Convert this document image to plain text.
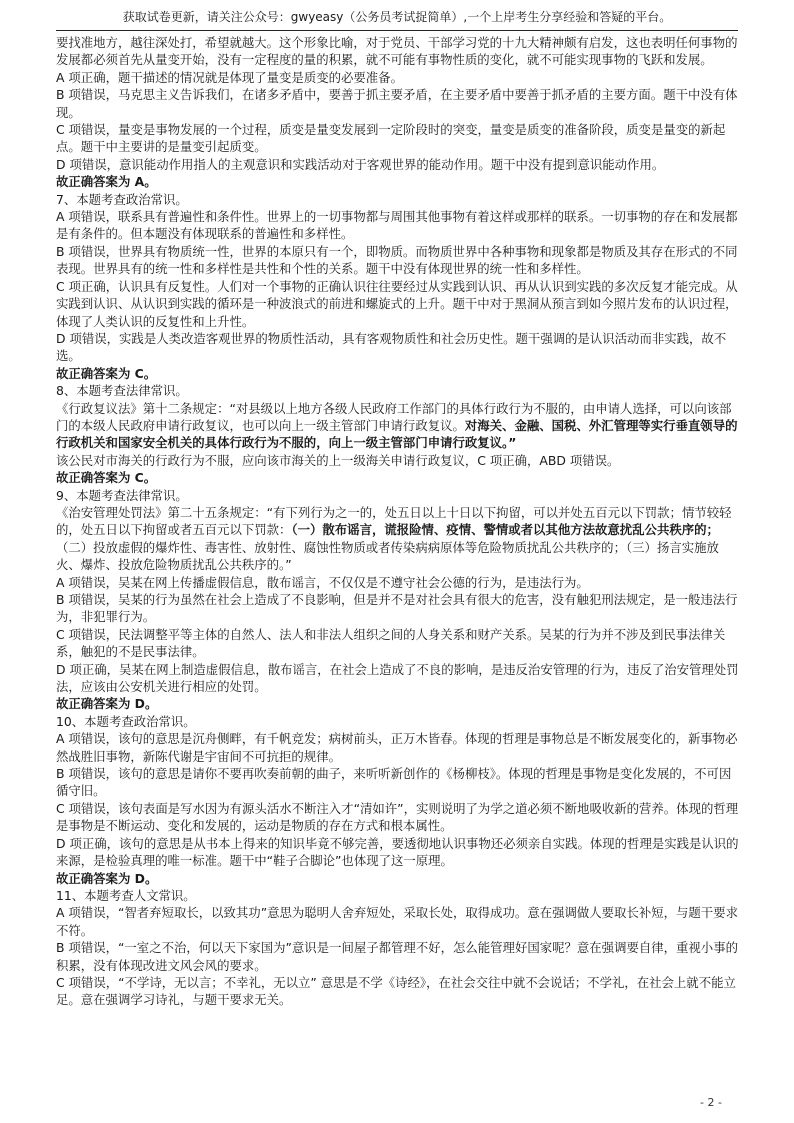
获取试卷更新，请关注公众号：gwyeasy（公务员考试捉简单）,一个上岸考生分享经验和答疑的平台。

要找准地方，越往深处打，希望就越大。这个形象比喻，对于党员、干部学习党的十九大精神颇有启发，这也表明任何事物的发展都必须首先从量变开始，没有一定程度的量的积累，就不可能有事物性质的变化，就不可能实现事物的飞跃和发展。

A 项正确，题干描述的情况就是体现了量变是质变的必要准备。

B 项错误，马克思主义告诉我们，在诸多矛盾中，要善于抓主要矛盾，在主要矛盾中要善于抓矛盾的主要方面。题干中没有体现。

C 项错误，量变是事物发展的一个过程，质变是量变发展到一定阶段时的突变，量变是质变的准备阶段，质变是量变的新起点。题干中主要讲的是量变引起质变。

D 项错误，意识能动作用指人的主观意识和实践活动对于客观世界的能动作用。题干中没有提到意识能动作用。

故正确答案为 A。

7、本题考查政治常识。

A 项错误，联系具有普遍性和条件性。世界上的一切事物都与周围其他事物有着这样或那样的联系。一切事物的存在和发展都是有条件的。但本题没有体现联系的普遍性和多样性。

B 项错误，世界具有物质统一性，世界的本原只有一个，即物质。而物质世界中各种事物和现象都是物质及其存在形式的不同表现。世界具有的统一性和多样性是共性和个性的关系。题干中没有体现世界的统一性和多样性。

C 项正确，认识具有反复性。人们对一个事物的正确认识往往要经过从实践到认识、再从认识到实践的多次反复才能完成。从实践到认识、从认识到实践的循环是一种波浪式的前进和螺旋式的上升。题干中对于黑洞从预言到如今照片发布的认识过程，体现了人类认识的反复性和上升性。

D 项错误，实践是人类改造客观世界的物质性活动，具有客观物质性和社会历史性。题干强调的是认识活动而非实践，故不选。

故正确答案为 C。

8、本题考查法律常识。

《行政复议法》第十二条规定：“对县级以上地方各级人民政府工作部门的具体行政行为不服的，由申请人选择，可以向该部门的本级人民政府申请行政复议，也可以向上一级主管部门申请行政复议。对海关、金融、国税、外汇管理等实行垂直领导的行政机关和国家安全机关的具体行政行为不服的，向上一级主管部门申请行政复议。”

该公民对市海关的行政行为不服，应向该市海关的上一级海关申请行政复议，C 项正确，ABD 项错误。

故正确答案为 C。

9、本题考查法律常识。

《治安管理处罚法》第二十五条规定：“有下列行为之一的，处五日以上十日以下拘留，可以并处五百元以下罚款；情节较轻的，处五日以下拘留或者五百元以下罚款：（一）散布谣言，谎报险情、疫情、警情或者以其他方法故意扰乱公共秩序的；（二）投放虚假的爆炸性、毒害性、放射性、腐蚀性物质或者传染病病原体等危险物质扰乱公共秩序的；（三）扬言实施放火、爆炸、投放危险物质扰乱公共秩序的。”

A 项错误，吴某在网上传播虚假信息，散布谣言，不仅仅是不遵守社会公德的行为，是违法行为。

B 项错误，吴某的行为虽然在社会上造成了不良影响，但是并不是对社会具有很大的危害，没有触犯刑法规定，是一般违法行为，非犯罪行为。

C 项错误，民法调整平等主体的自然人、法人和非法人组织之间的人身关系和财产关系。吴某的行为并不涉及到民事法律关系，触犯的不是民事法律。

D 项正确，吴某在网上制造虚假信息，散布谣言，在社会上造成了不良的影响，是违反治安管理的行为，违反了治安管理处罚法，应该由公安机关进行相应的处罚。

故正确答案为 D。

10、本题考查政治常识。

A 项错误，该句的意思是沉舟侧畔，有千帆竞发；病树前头，正万木皆春。体现的哲理是事物总是不断发展变化的，新事物必然战胜旧事物，新陈代谢是宇宙间不可抗拒的规律。

B 项错误，该句的意思是请你不要再吹奏前朝的曲子，来听听新创作的《杨柳枝》。体现的哲理是事物是变化发展的，不可因循守旧。

C 项错误，该句表面是写水因为有源头活水不断注入才“清如许”，实则说明了为学之道必须不断地吸收新的营养。体现的哲理是事物是不断运动、变化和发展的，运动是物质的存在方式和根本属性。

D 项正确，该句的意思是从书本上得来的知识毕竟不够完善，要透彻地认识事物还必须亲自实践。体现的哲理是实践是认识的来源，是检验真理的唯一标准。题干中“鞋子合脚论”也体现了这一原理。

故正确答案为 D。

11、本题考查人文常识。

A 项错误，“智者弃短取长，以致其功”意思为聪明人舍弃短处，采取长处，取得成功。意在强调做人要取长补短，与题干要求不符。

B 项错误，“一室之不治，何以天下家国为”意识是一间屋子都管理不好，怎么能管理好国家呢？意在强调要自律，重视小事的积累，没有体现改进文风会风的要求。

C 项错误，“不学诗，无以言；不幸礼，无以立” 意思是不学《诗经》，在社会交往中就不会说话；不学礼，在社会上就不能立足。意在强调学习诗礼，与题干要求无关。

- 2 -
